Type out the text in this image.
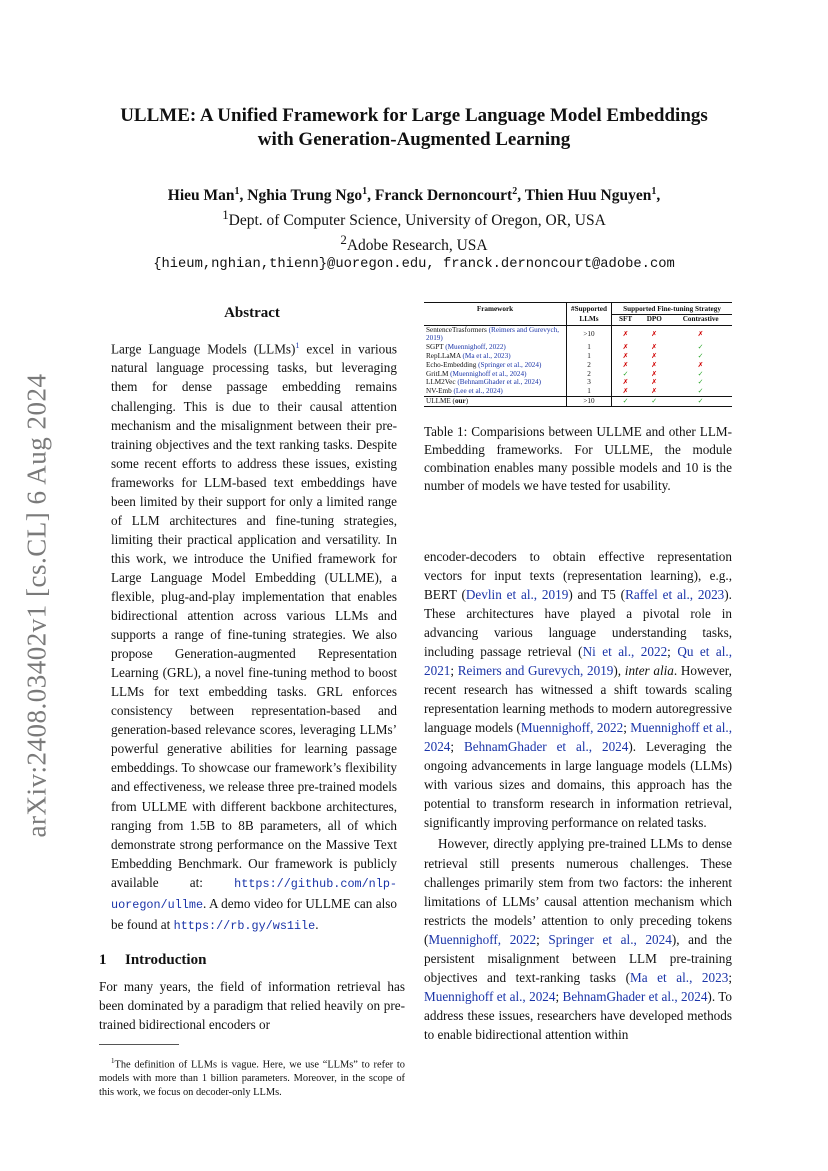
arXiv:2408.03402v1 [cs.CL] 6 Aug 2024
ULLME: A Unified Framework for Large Language Model Embeddings
with Generation-Augmented Learning
Hieu Man$^1$, Nghia Trung Ngo$^1$, Franck Dernoncourt$^2$, Thien Huu Nguyen$^1$,
$^1$Dept. of Computer Science, University of Oregon, OR, USA
$^2$Adobe Research, USA
{hieum,nghian,thienn}@uoregon.edu, franck.dernoncourt@adobe.com
Abstract

Large Language Models (LLMs)$^1$ excel in various natural language processing tasks, but leveraging them for dense passage embedding remains challenging. This is due to their causal attention mechanism and the misalignment between their pre-training objectives and the text ranking tasks. Despite some recent efforts to address these issues, existing frameworks for LLM-based text embeddings have been limited by their support for only a limited range of LLM architectures and fine-tuning strategies, limiting their practical application and versatility. In this work, we introduce the Unified framework for Large Language Model Embedding (ULLME), a flexible, plug-and-play implementation that enables bidirectional attention across various LLMs and supports a range of fine-tuning strategies. We also propose Generation-augmented Representation Learning (GRL), a novel fine-tuning method to boost LLMs for text embedding tasks. GRL enforces consistency between representation-based and generation-based relevance scores, leveraging LLMs’ powerful generative abilities for learning passage embeddings. To showcase our framework’s flexibility and effectiveness, we release three pre-trained models from ULLME with different backbone architectures, ranging from 1.5B to 8B parameters, all of which demonstrate strong performance on the Massive Text Embedding Benchmark. Our framework is publicly available at: https://github.com/nlp-uoregon/ullme. A demo video for ULLME can also be found at https://rb.gy/ws1ile.

1 Introduction

For many years, the field of information retrieval has been dominated by a paradigm that relied heavily on pre-trained bidirectional encoders or

$^1$The definition of LLMs is vague. Here, we use “LLMs” to refer to models with more than 1 billion parameters. Moreover, in the scope of this work, we focus on decoder-only LLMs.

Framework	#Supported	Supported Fine-tuning Strategy		
	LLMs	SFT	DPO	Contrastive
SentenceTrasformers (Reimers and Gurevych, 2019)	>10	✗	✗	✗
SGPT (Muennighoff, 2022)	1	✗	✗	✓
RepLLaMA (Ma et al., 2023)	1	✗	✗	✓
Echo-Embedding (Springer et al., 2024)	2	✗	✗	✗
GritLM (Muennighoff et al., 2024)	2	✓	✗	✓
LLM2Vec (BehnamGhader et al., 2024)	3	✗	✗	✓
NV-Emb (Lee et al., 2024)	1	✗	✗	✓
ULLME (our)	>10	✓	✓	✓

Table 1: Comparisions between ULLME and other LLM-Embedding frameworks. For ULLME, the module combination enables many possible models and 10 is the number of models we have tested for usability.

encoder-decoders to obtain effective representation vectors for input texts (representation learning), e.g., BERT (Devlin et al., 2019) and T5 (Raffel et al., 2023). These architectures have played a pivotal role in advancing various language understanding tasks, including passage retrieval (Ni et al., 2022; Qu et al., 2021; Reimers and Gurevych, 2019), inter alia. However, recent research has witnessed a shift towards scaling representation learning methods to modern autoregressive language models (Muennighoff, 2022; Muennighoff et al., 2024; BehnamGhader et al., 2024). Leveraging the ongoing advancements in large language models (LLMs) with various sizes and domains, this approach has the potential to transform research in information retrieval, significantly improving performance on related tasks.

However, directly applying pre-trained LLMs to dense retrieval still presents numerous challenges. These challenges primarily stem from two factors: the inherent limitations of LLMs’ causal attention mechanism which restricts the models’ attention to only preceding tokens (Muennighoff, 2022; Springer et al., 2024), and the persistent misalignment between LLM pre-training objectives and text-ranking tasks (Ma et al., 2023; Muennighoff et al., 2024; BehnamGhader et al., 2024). To address these issues, researchers have developed methods to enable bidirectional attention within
